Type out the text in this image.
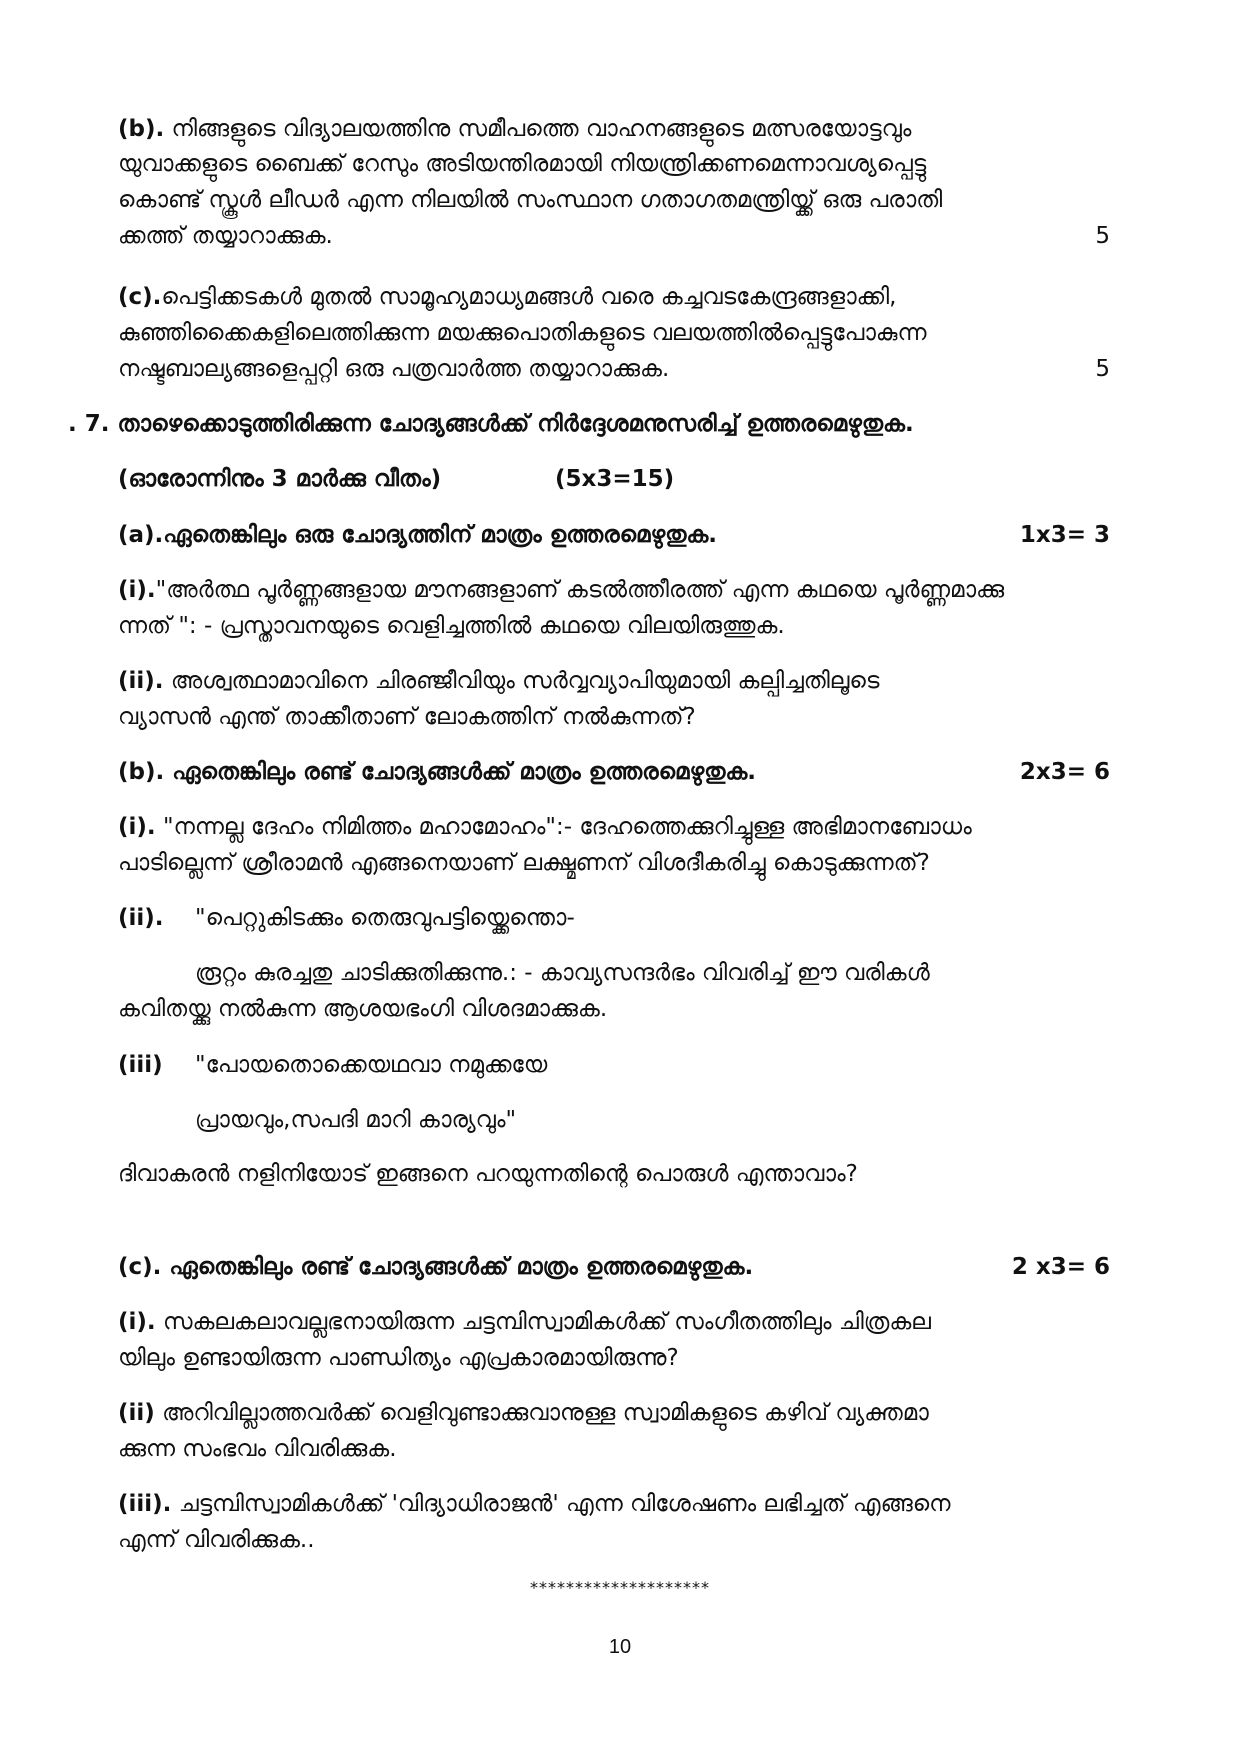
(b). നിങ്ങളുടെ വിദ്യാലയത്തിനു സമീപത്തെ വാഹനങ്ങളുടെ മത്സരയോട്ടവും
യുവാക്കളുടെ ബൈക്ക് റേസും അടിയന്തിരമായി നിയന്ത്രിക്കണമെന്നാവശ്യപ്പെട്ടു
കൊണ്ട് സ്കൂൾ ലീഡർ എന്ന നിലയിൽ സംസ്ഥാന ഗതാഗതമന്ത്രിയ്ക്ക് ഒരു പരാതി
ക്കത്ത് തയ്യാറാക്കുക.	5
(c).പെട്ടിക്കടകൾ മുതൽ സാമൂഹ്യമാധ്യമങ്ങൾ വരെ കച്ചവടകേന്ദ്രങ്ങളാക്കി,
കുഞ്ഞിക്കൈകളിലെത്തിക്കുന്ന മയക്കുപൊതികളുടെ വലയത്തിൽപ്പെട്ടുപോകുന്ന
നഷ്ടബാല്യങ്ങളെപ്പറ്റി ഒരു പത്രവാർത്ത തയ്യാറാക്കുക.	5
. 7. താഴെക്കൊടുത്തിരിക്കുന്ന ചോദ്യങ്ങൾക്ക് നിർദ്ദേശമനുസരിച്ച് ഉത്തരമെഴുതുക.
(ഓരോന്നിനും 3 മാർക്കു വീതം)	(5x3=15)
(a).ഏതെങ്കിലും ഒരു ചോദ്യത്തിന് മാത്രം ഉത്തരമെഴുതുക.	1x3= 3
(i)."അർത്ഥ പൂർണ്ണങ്ങളായ മൗനങ്ങളാണ് കടൽത്തീരത്ത് എന്ന കഥയെ പൂർണ്ണമാക്കു
ന്നത് ": - പ്രസ്താവനയുടെ വെളിച്ചത്തിൽ കഥയെ വിലയിരുത്തുക.
(ii). അശ്വത്ഥാമാവിനെ ചിരഞ്ജീവിയും സർവ്വവ്യാപിയുമായി കല്പിച്ചതിലൂടെ
വ്യാസൻ എന്ത് താക്കീതാണ് ലോകത്തിന് നൽകുന്നത്?
(b). ഏതെങ്കിലും രണ്ട് ചോദ്യങ്ങൾക്ക് മാത്രം ഉത്തരമെഴുതുക.	2x3= 6
(i). "നന്നല്ല ദേഹം നിമിത്തം മഹാമോഹം":- ദേഹത്തെക്കുറിച്ചുള്ള അഭിമാനബോധം
പാടില്ലെന്ന് ശ്രീരാമൻ എങ്ങനെയാണ് ലക്ഷ്മണന് വിശദീകരിച്ചു കൊടുക്കുന്നത്?
(ii). "പെറ്റുകിടക്കും തെരുവുപട്ടിയ്ക്കെന്തൊ-
രൂറ്റം കുരച്ചതു ചാടിക്കുതിക്കുന്നു.: - കാവ്യസന്ദർഭം വിവരിച്ച് ഈ വരികൾ
കവിതയ്ക്കു നൽകുന്ന ആശയഭംഗി വിശദമാക്കുക.
(iii) "പോയതൊക്കെയഥവാ നമുക്കയേ
പ്രായവും,സപദി മാറി കാര്യവും"
ദിവാകരൻ നളിനിയോട് ഇങ്ങനെ പറയുന്നതിന്റെ പൊരുൾ എന്താവാം?
(c). ഏതെങ്കിലും രണ്ട് ചോദ്യങ്ങൾക്ക് മാത്രം ഉത്തരമെഴുതുക.	2 x3= 6
(i). സകലകലാവല്ലഭനായിരുന്ന ചട്ടമ്പിസ്വാമികൾക്ക് സംഗീതത്തിലും ചിത്രകല
യിലും ഉണ്ടായിരുന്ന പാണ്ഡിത്യം എപ്രകാരമായിരുന്നു?
(ii) അറിവില്ലാത്തവർക്ക് വെളിവുണ്ടാക്കുവാനുള്ള സ്വാമികളുടെ കഴിവ് വ്യക്തമാ
ക്കുന്ന സംഭവം വിവരിക്കുക.
(iii). ചട്ടമ്പിസ്വാമികൾക്ക് 'വിദ്യാധിരാജൻ' എന്ന വിശേഷണം ലഭിച്ചത് എങ്ങനെ
എന്ന് വിവരിക്കുക..
********************
10
